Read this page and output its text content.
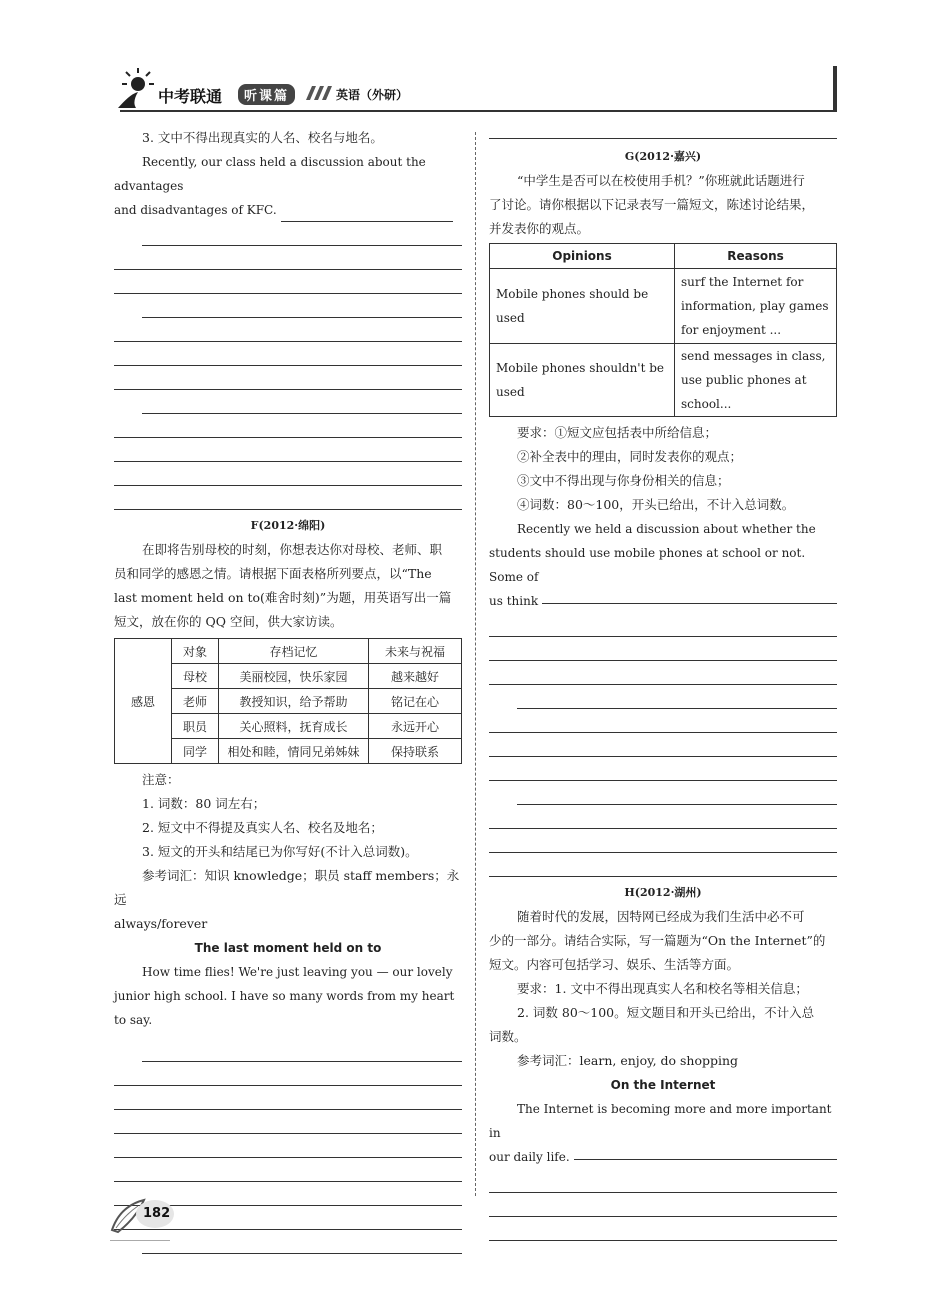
中考联通	听课篇	英语（外研）

3. 文中不得出现真实的人名、校名与地名。

Recently, our class held a discussion about the advantages

and disadvantages of KFC.

F(2012·绵阳)

在即将告别母校的时刻，你想表达你对母校、老师、职

员和同学的感恩之情。请根据下面表格所列要点，以“The

last moment held on to(难舍时刻)”为题，用英语写出一篇

短文，放在你的 QQ 空间，供大家访读。

感恩	对象	存档记忆	未来与祝福
	母校	美丽校园，快乐家园	越来越好
	老师	教授知识，给予帮助	铭记在心
	职员	关心照料，抚育成长	永远开心
	同学	相处和睦，情同兄弟姊妹	保持联系

注意：

1. 词数：80 词左右；

2. 短文中不得提及真实人名、校名及地名；

3. 短文的开头和结尾已为你写好(不计入总词数)。

参考词汇：知识 knowledge；职员 staff members；永远

always/forever

The last moment held on to

How time flies! We're just leaving you — our lovely

junior high school. I have so many words from my heart

to say.

G(2012·嘉兴)

“中学生是否可以在校使用手机？”你班就此话题进行

了讨论。请你根据以下记录表写一篇短文，陈述讨论结果，

并发表你的观点。

Opinions	Reasons
Mobile phones should be used	surf the Internet for information, play games for enjoyment ...
Mobile phones shouldn't be used	send messages in class, use public phones at school...

要求：①短文应包括表中所给信息；

②补全表中的理由，同时发表你的观点；

③文中不得出现与你身份相关的信息；

④词数：80～100，开头已给出，不计入总词数。

Recently we held a discussion about whether the

students should use mobile phones at school or not. Some of

us think

H(2012·湖州)

随着时代的发展，因特网已经成为我们生活中必不可

少的一部分。请结合实际，写一篇题为“On the Internet”的

短文。内容可包括学习、娱乐、生活等方面。

要求：1. 文中不得出现真实人名和校名等相关信息；

2. 词数 80～100。短文题目和开头已给出，不计入总

词数。

参考词汇：learn, enjoy, do shopping

On the Internet

The Internet is becoming more and more important in

our daily life.

182
